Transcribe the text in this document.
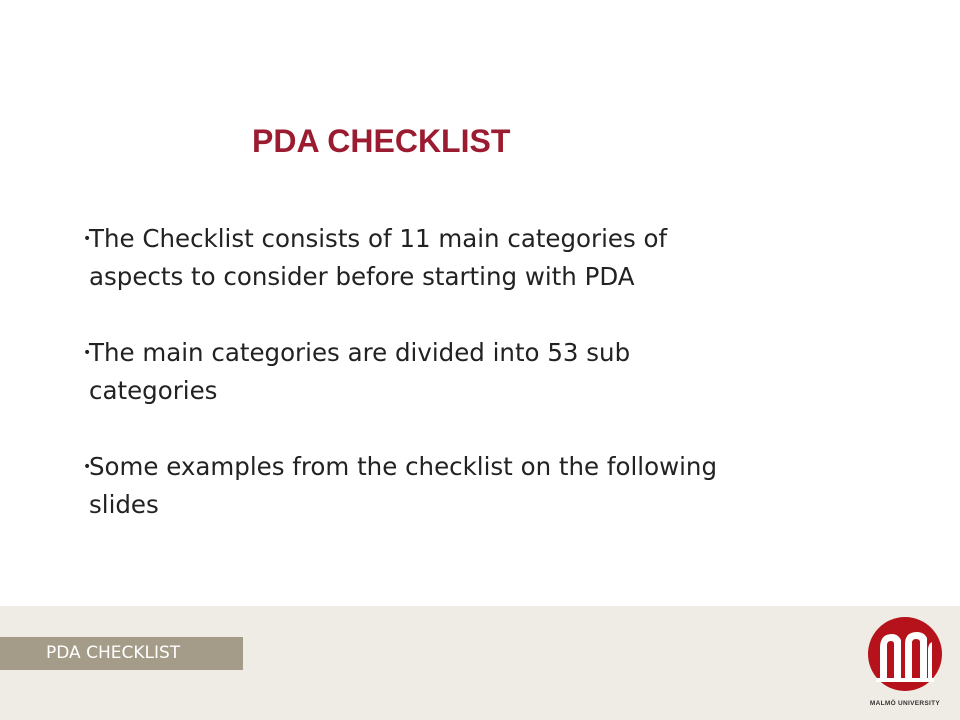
PDA CHECKLIST
•
The Checklist consists of 11 main categories of aspects to consider before starting with PDA
•
The main categories are divided into 53 sub categories
•
Some examples from the checklist on the following slides
PDA CHECKLIST
MALMÖ UNIVERSITY
